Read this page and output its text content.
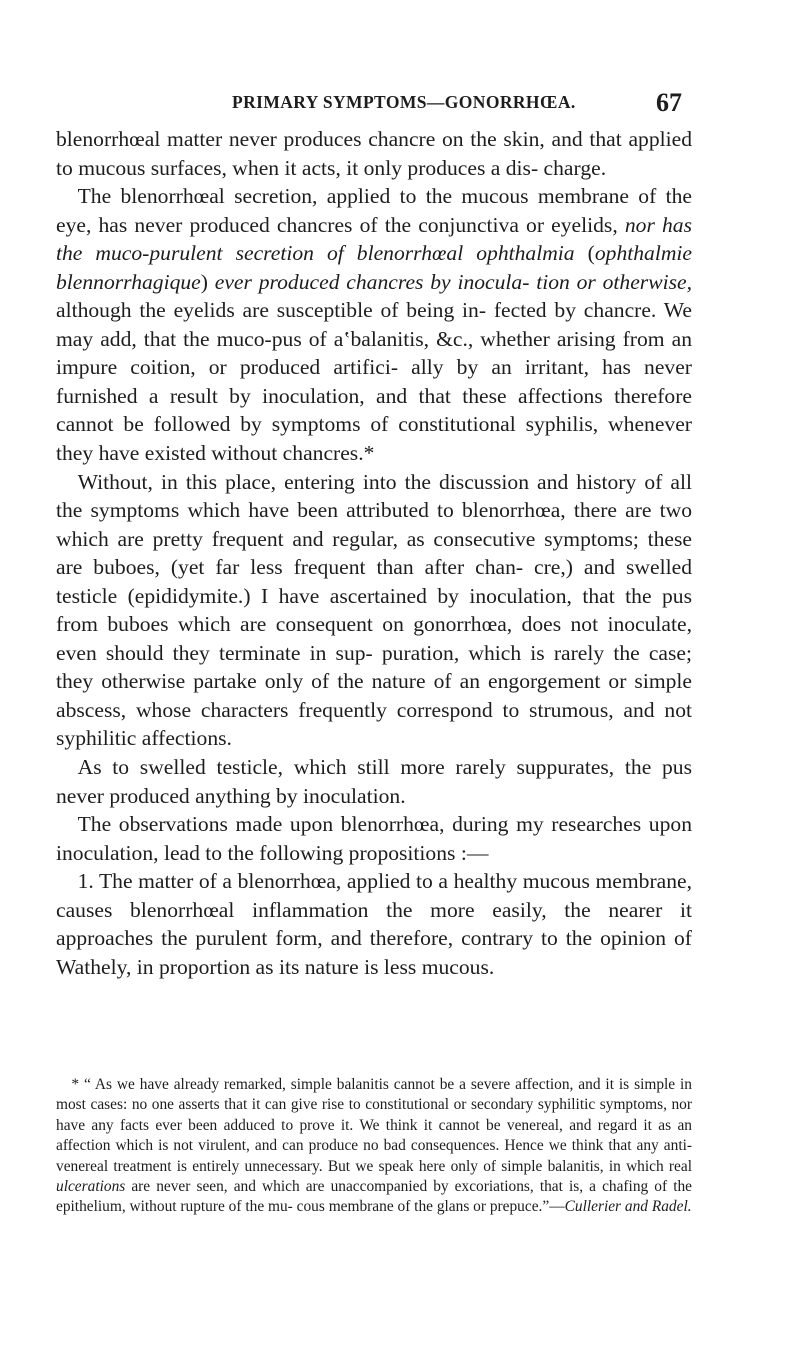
PRIMARY SYMPTOMS—GONORRHŒA.	67

blenorrhœal matter never produces chancre on the skin, and that applied to mucous surfaces, when it acts, it only produces a dis- charge.

The blenorrhœal secretion, applied to the mucous membrane of the eye, has never produced chancres of the conjunctiva or eyelids, nor has the muco-purulent secretion of blenorrhœal ophthalmia (ophthalmie blennorrhagique) ever produced chancres by inocula- tion or otherwise, although the eyelids are susceptible of being in- fected by chancre. We may add, that the muco-pus of a‛balanitis, &c., whether arising from an impure coition, or produced artifici- ally by an irritant, has never furnished a result by inoculation, and that these affections therefore cannot be followed by symptoms of constitutional syphilis, whenever they have existed without chancres.*

Without, in this place, entering into the discussion and history of all the symptoms which have been attributed to blenorrhœa, there are two which are pretty frequent and regular, as consecutive symptoms; these are buboes, (yet far less frequent than after chan- cre,) and swelled testicle (epididymite.) I have ascertained by inoculation, that the pus from buboes which are consequent on gonorrhœa, does not inoculate, even should they terminate in sup- puration, which is rarely the case; they otherwise partake only of the nature of an engorgement or simple abscess, whose characters frequently correspond to strumous, and not syphilitic affections.

As to swelled testicle, which still more rarely suppurates, the pus never produced anything by inoculation.

The observations made upon blenorrhœa, during my researches upon inoculation, lead to the following propositions :—

1. The matter of a blenorrhœa, applied to a healthy mucous membrane, causes blenorrhœal inflammation the more easily, the nearer it approaches the purulent form, and therefore, contrary to the opinion of Wathely, in proportion as its nature is less mucous.

* “ As we have already remarked, simple balanitis cannot be a severe affection, and it is simple in most cases: no one asserts that it can give rise to constitutional or secondary syphilitic symptoms, nor have any facts ever been adduced to prove it. We think it cannot be venereal, and regard it as an affection which is not virulent, and can produce no bad consequences. Hence we think that any anti- venereal treatment is entirely unnecessary. But we speak here only of simple balanitis, in which real ulcerations are never seen, and which are unaccompanied by excoriations, that is, a chafing of the epithelium, without rupture of the mu- cous membrane of the glans or prepuce.”—Cullerier and Radel.
